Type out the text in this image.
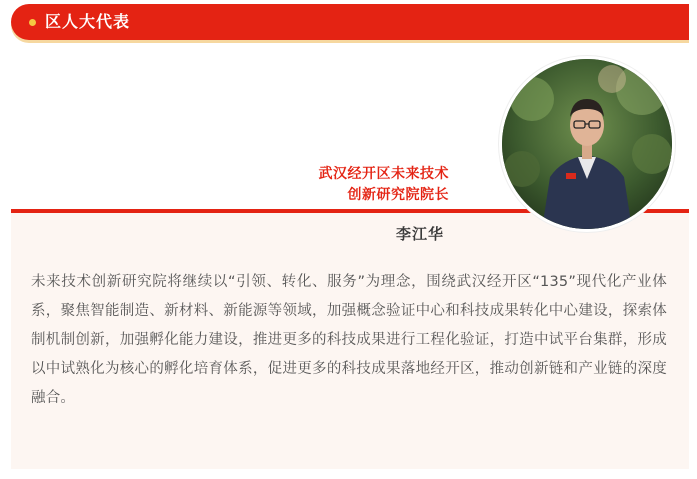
区人大代表
武汉经开区未来技术
创新研究院院长
李江华
未来技术创新研究院将继续以“引领、转化、服务”为理念，围绕武汉经开区“135”现代化产业体系，聚焦智能制造、新材料、新能源等领域，加强概念验证中心和科技成果转化中心建设，探索体制机制创新，加强孵化能力建设，推进更多的科技成果进行工程化验证，打造中试平台集群，形成以中试熟化为核心的孵化培育体系，促进更多的科技成果落地经开区，推动创新链和产业链的深度融合。
